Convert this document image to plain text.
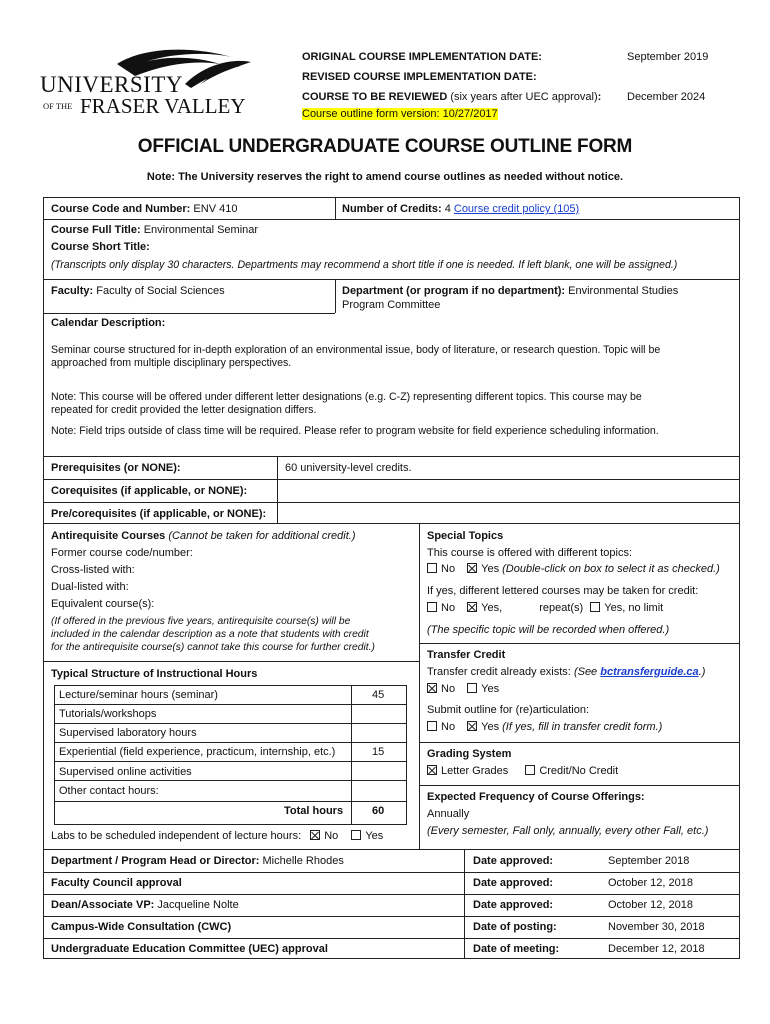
UNIVERSITY
OF THE FRASER VALLEY
ORIGINAL COURSE IMPLEMENTATION DATE:	September 2019
REVISED COURSE IMPLEMENTATION DATE:
COURSE TO BE REVIEWED (six years after UEC approval): December 2024
Course outline form version: 10/27/2017
OFFICIAL UNDERGRADUATE COURSE OUTLINE FORM
Note: The University reserves the right to amend course outlines as needed without notice.
Course Code and Number: ENV 410	Number of Credits: 4 Course credit policy (105)
Course Full Title: Environmental Seminar
Course Short Title:
(Transcripts only display 30 characters. Departments may recommend a short title if one is needed. If left blank, one will be assigned.)
Faculty: Faculty of Social Sciences	Department (or program if no department): Environmental Studies
Program Committee
Calendar Description:
Seminar course structured for in-depth exploration of an environmental issue, body of literature, or research question. Topic will be
approached from multiple disciplinary perspectives.
Note: This course will be offered under different letter designations (e.g. C-Z) representing different topics. This course may be
repeated for credit provided the letter designation differs.
Note: Field trips outside of class time will be required. Please refer to program website for field experience scheduling information.
Prerequisites (or NONE):	60 university-level credits.
Corequisites (if applicable, or NONE):
Pre/corequisites (if applicable, or NONE):
Antirequisite Courses (Cannot be taken for additional credit.)
Former course code/number:
Cross-listed with:
Dual-listed with:
Equivalent course(s):
(If offered in the previous five years, antirequisite course(s) will be
included in the calendar description as a note that students with credit
for the antirequisite course(s) cannot take this course for further credit.)
Typical Structure of Instructional Hours
Lecture/seminar hours (seminar)	45
Tutorials/workshops
Supervised laboratory hours
Experiential (field experience, practicum, internship, etc.)	15
Supervised online activities
Other contact hours:
Total hours	60
Labs to be scheduled independent of lecture hours: No Yes
Special Topics
This course is offered with different topics:
No Yes (Double-click on box to select it as checked.)
If yes, different lettered courses may be taken for credit:
No Yes,	repeat(s) Yes, no limit
(The specific topic will be recorded when offered.)
Transfer Credit
Transfer credit already exists: (See bctransferguide.ca.)
No Yes
Submit outline for (re)articulation:
No Yes (If yes, fill in transfer credit form.)
Grading System
Letter Grades	Credit/No Credit
Expected Frequency of Course Offerings:
Annually
(Every semester, Fall only, annually, every other Fall, etc.)
Department / Program Head or Director: Michelle Rhodes	Date approved:	September 2018
Faculty Council approval	Date approved:	October 12, 2018
Dean/Associate VP: Jacqueline Nolte	Date approved:	October 12, 2018
Campus-Wide Consultation (CWC)	Date of posting:	November 30, 2018
Undergraduate Education Committee (UEC) approval	Date of meeting:	December 12, 2018
